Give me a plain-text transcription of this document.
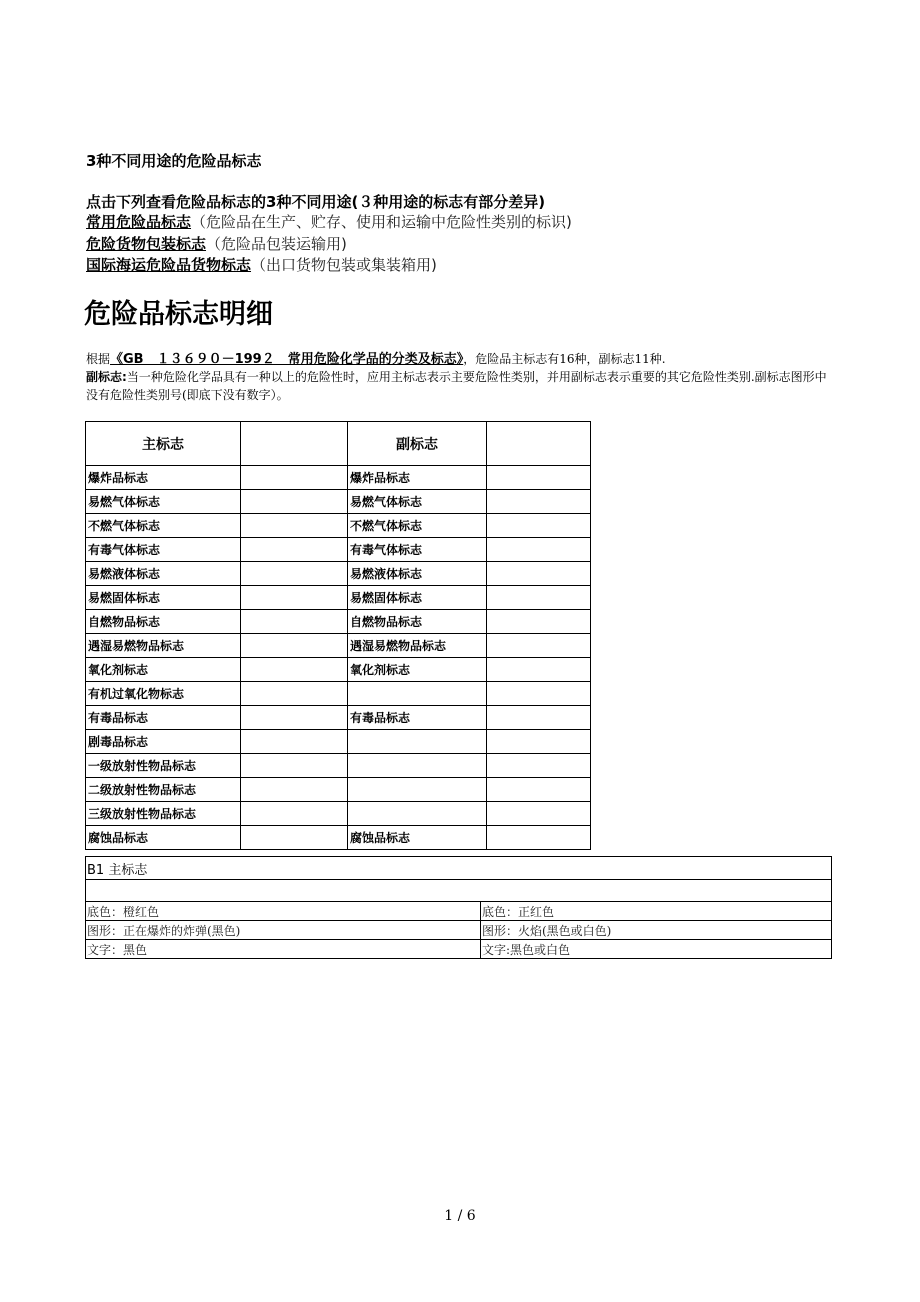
3种不同用途的危险品标志
点击下列查看危险品标志的3种不同用途(３种用途的标志有部分差异)
常用危险品标志（危险品在生产、贮存、使用和运输中危险性类别的标识)
危险货物包装标志（危险品包装运输用)
国际海运危险品货物标志（出口货物包装或集装箱用)
危险品标志明细
根据《GB　１３６９０－199２　常用危险化学品的分类及标志》，危险品主标志有16种，副标志11种.
副标志:当一种危险化学品具有一种以上的危险性时，应用主标志表示主要危险性类别，并用副标志表示重要的其它危险性类别.副标志图形中没有危险性类别号(即底下没有数字）。
主标志		副标志	
爆炸品标志		爆炸品标志	
易燃气体标志		易燃气体标志	
不燃气体标志		不燃气体标志	
有毒气体标志		有毒气体标志	
易燃液体标志		易燃液体标志	
易燃固体标志		易燃固体标志	
自燃物品标志		自燃物品标志	
遇湿易燃物品标志		遇湿易燃物品标志	
氧化剂标志		氧化剂标志	
有机过氧化物标志			
有毒品标志		有毒品标志	
剧毒品标志			
一级放射性物品标志			
二级放射性物品标志			
三级放射性物品标志			
腐蚀品标志		腐蚀品标志	
B1 主标志	

底色：橙红色	底色：正红色
图形：正在爆炸的炸弹(黑色)	图形：火焰(黑色或白色)
文字：黑色	文字:黑色或白色
1 / 6
